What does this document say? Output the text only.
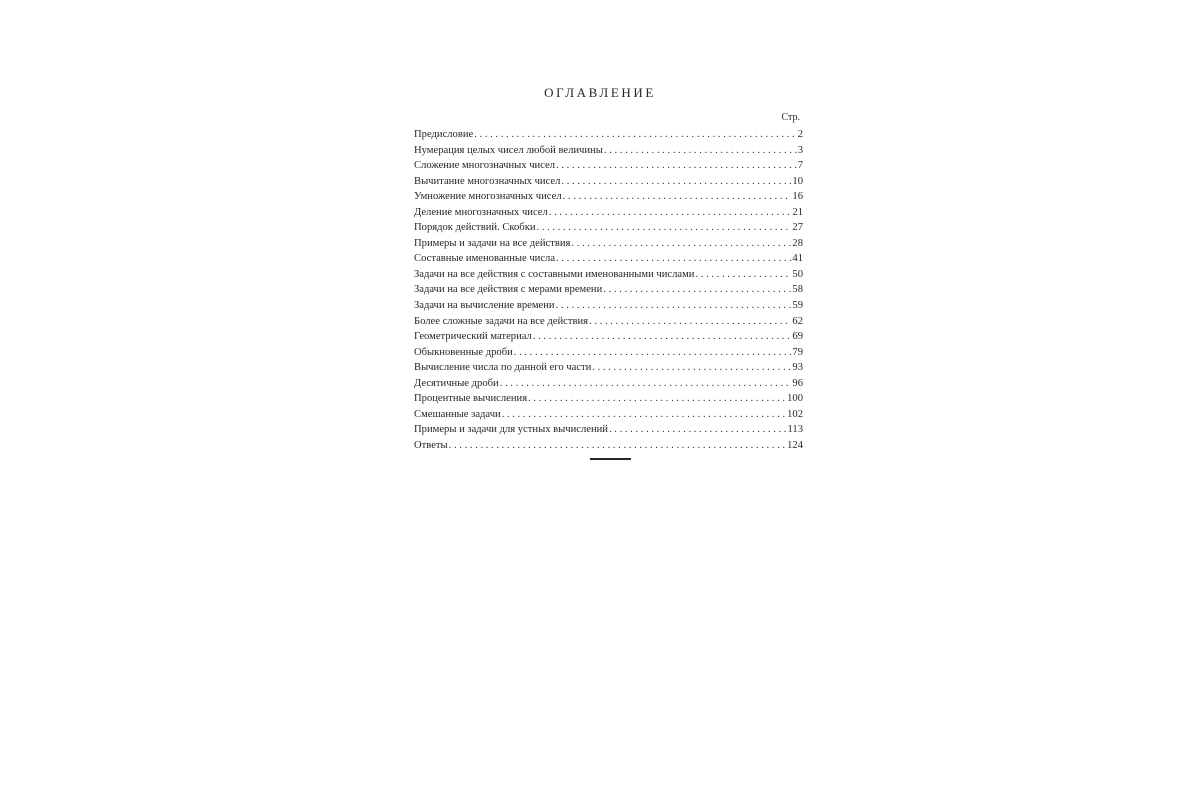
ОГЛАВЛЕНИЕ
Стр.
Предисловие . . .	2
Нумерация целых чисел любой величины . . .	3
Сложение многозначных чисел . . .	7
Вычитание многозначных чисел . . .	10
Умножение многозначных чисел . . .	16
Деление многозначных чисел . . .	21
Порядок действий. Скобки . . .	27
Примеры и задачи на все действия . . .	28
Составные именованные числа . . .	41
Задачи на все действия с составными именованными числами . . .	50
Задачи на все действия с мерами времени . . .	58
Задачи на вычисление времени . . .	59
Более сложные задачи на все действия . . .	62
Геометрический материал . . .	69
Обыкновенные дроби . . .	79
Вычисление числа по данной его части . . .	93
Десятичные дроби . . .	96
Процентные вычисления . . .	100
Смешанные задачи . . .	102
Примеры и задачи для устных вычислений . . .	113
Ответы . . .	124
